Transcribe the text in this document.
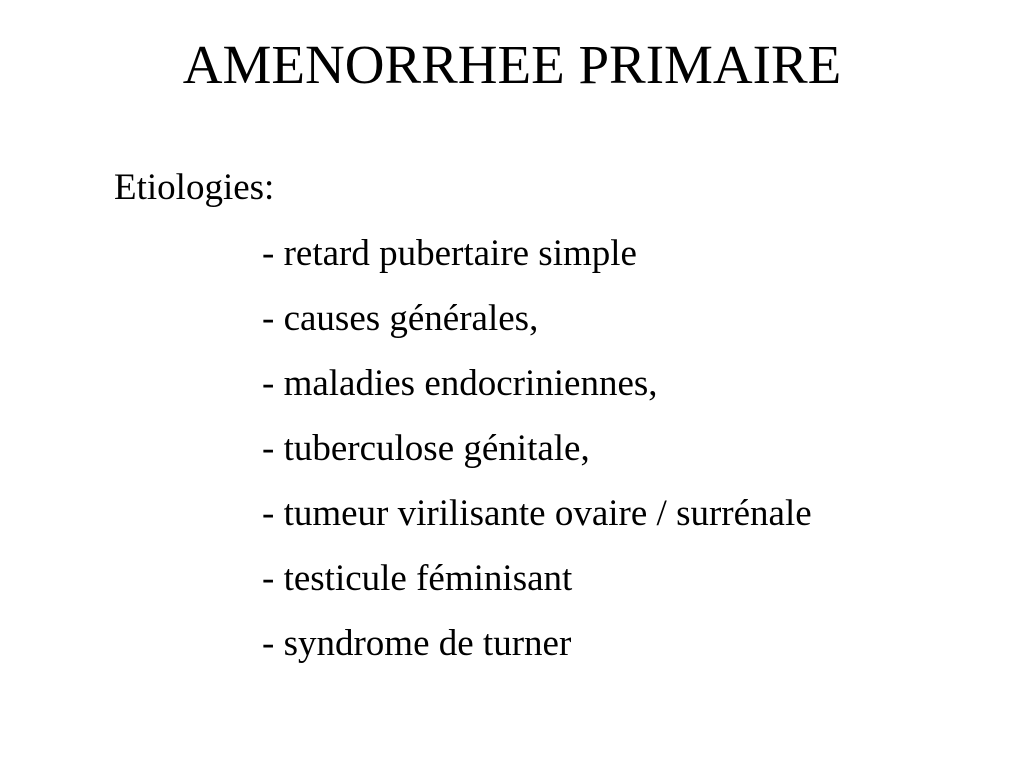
AMENORRHEE PRIMAIRE
Etiologies:
- retard pubertaire simple
- causes générales,
- maladies endocriniennes,
- tuberculose génitale,
- tumeur virilisante ovaire / surrénale
- testicule féminisant
- syndrome de turner
